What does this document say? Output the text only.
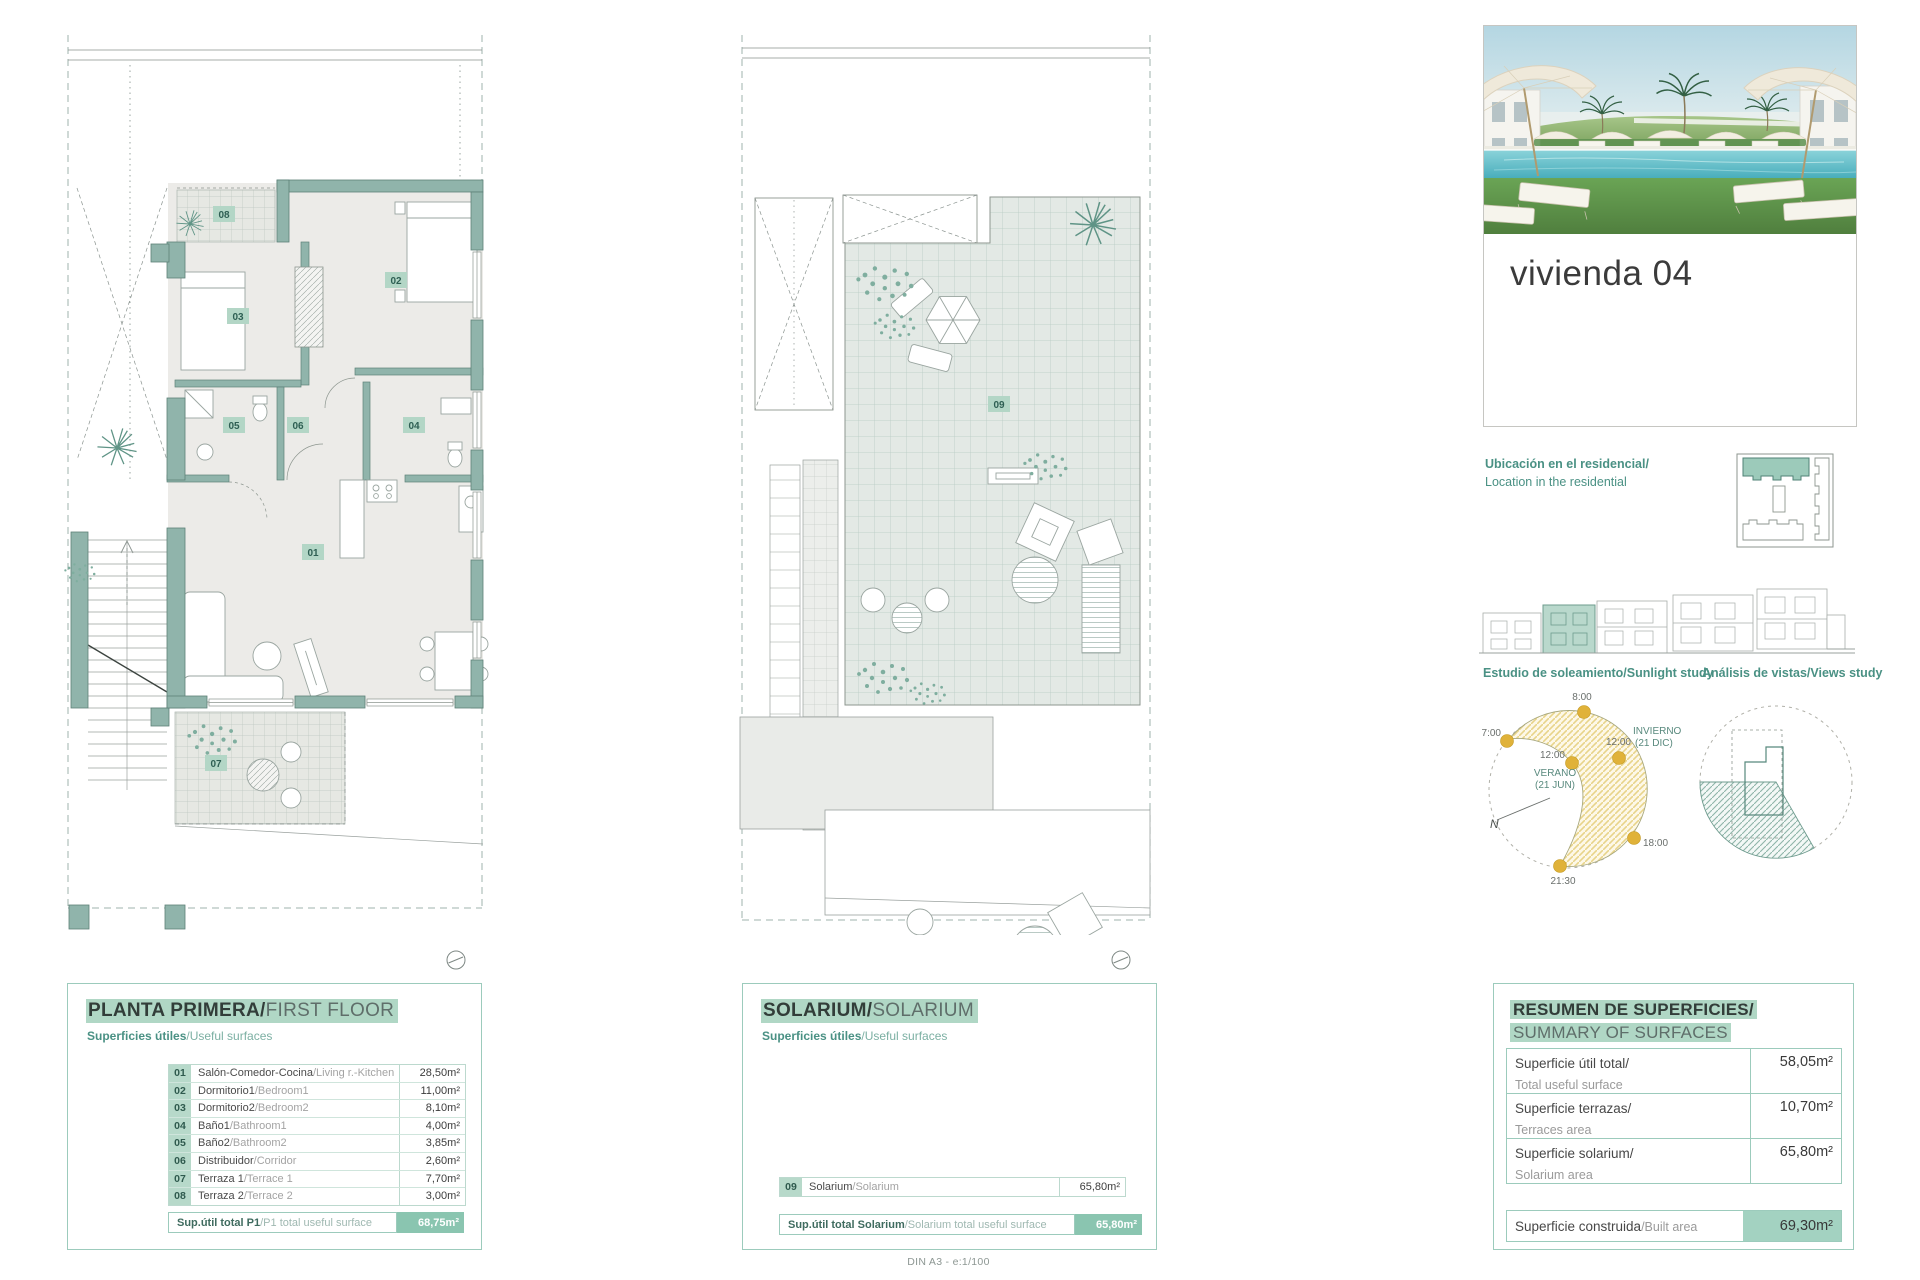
01
02
03
04
05	06
07
08
09
PLANTA PRIMERA/FIRST FLOOR
Superficies útiles/Useful surfaces
01	Salón-Comedor-Cocina/Living r.-Kitchen	28,50m²
02	Dormitorio1/Bedroom1	11,00m²
03	Dormitorio2/Bedroom2	8,10m²
04	Baño1/Bathroom1	4,00m²
05	Baño2/Bathroom2	3,85m²
06	Distribuidor/Corridor	2,60m²
07	Terraza 1/Terrace 1	7,70m²
08	Terraza 2/Terrace 2	3,00m²
Sup.útil total P1 /P1 total useful surface	68,75m²
SOLARIUM/SOLARIUM
Superficies útiles/Useful surfaces
09	Solarium/Solarium	65,80m²
Sup.útil total Solarium /Solarium total useful surface	65,80m²
RESUMEN DE SUPERFICIES/
SUMMARY OF SURFACES
Superficie útil total/
Total useful surface
58,05m²
Superficie terrazas/
Terraces area
10,70m²
Superficie solarium/
Solarium area
65,80m²
Superficie construida/Built area	69,30m²
vivienda 04
Ubicación en el residencial/
Location in the residential
Estudio de soleamiento/Sunlight study
Análisis de vistas/Views study
8:00
7:00
12:00
12:00
18:00
21:30
VERANO
(21 JUN)
INVIERNO
(21 DIC)
N
DIN A3 - e:1/100
